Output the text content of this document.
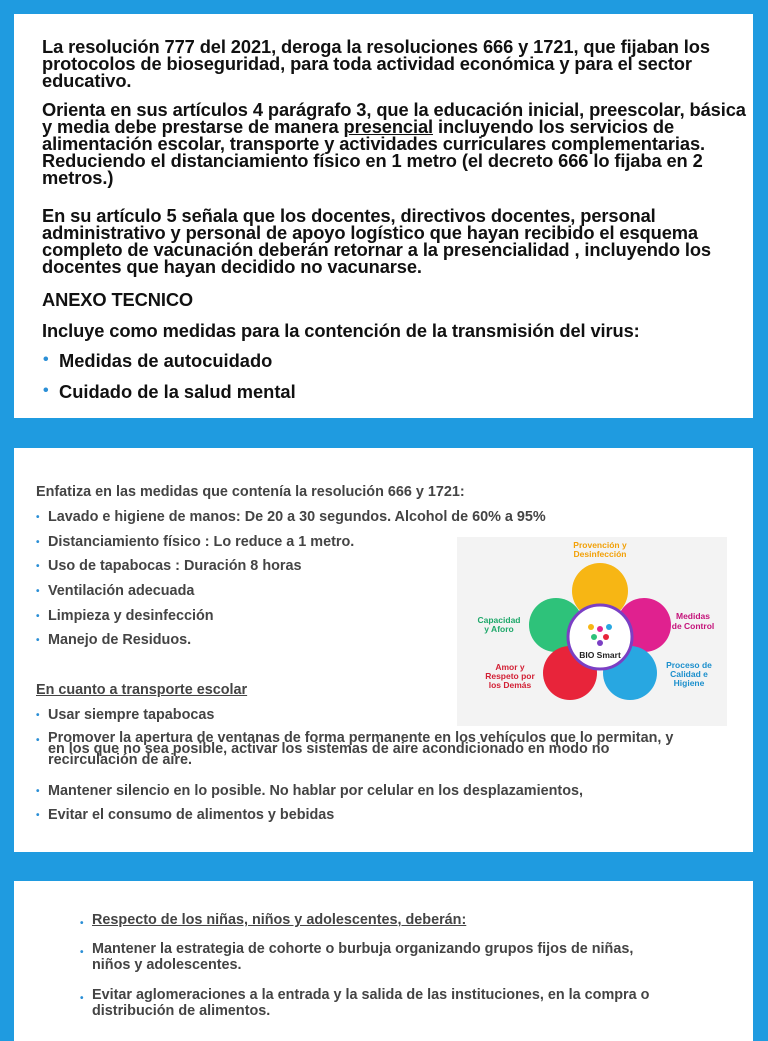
La resolución 777 del 2021, deroga la resoluciones 666 y 1721, que fijaban los protocolos de bioseguridad, para toda actividad económica y para el sector educativo.

Orienta en sus artículos 4 parágrafo 3, que la educación inicial, preescolar, básica y media debe prestarse de manera presencial incluyendo los servicios de alimentación escolar, transporte y actividades curriculares complementarias. Reduciendo el distanciamiento físico en 1 metro (el decreto 666 lo fijaba en 2 metros.)

En su artículo 5 señala que los docentes, directivos docentes, personal administrativo y personal de apoyo logístico que hayan recibido el esquema completo de vacunación deberán retornar a la presencialidad , incluyendo los docentes que hayan decidido no vacunarse.

ANEXO TECNICO

Incluye como medidas para la contención de la transmisión del virus:

• Medidas de autocuidado
• Cuidado de la salud mental

Enfatiza en las medidas que contenía la resolución 666 y 1721:

• Lavado e higiene de manos: De 20 a 30 segundos. Alcohol de 60% a 95%
• Distanciamiento físico : Lo reduce a 1 metro.
• Uso de tapabocas : Duración 8 horas
• Ventilación adecuada
• Limpieza y desinfección
• Manejo de Residuos.

En cuanto a transporte escolar

• Usar siempre tapabocas
• Promover la apertura de ventanas de forma permanente en los vehículos que lo permitan, y en los que no sea posible, activar los sistemas de aire acondicionado en modo no recirculación de aire.
• Mantener silencio en lo posible. No hablar por celular en los desplazamientos,
• Evitar el consumo de alimentos y bebidas
BIO Smart
Provención y
Desinfección
Capacidad
y Aforo
Medidas
de Control
Amor y
Respeto por
los Demás
Proceso de
Calidad e
Higiene
• Respecto de los niñas, niños y adolescentes, deberán:
• Mantener la estrategia de cohorte o burbuja organizando grupos fijos de niñas, niños y adolescentes.
• Evitar aglomeraciones a la entrada y la salida de las instituciones, en la compra o distribución de alimentos.
